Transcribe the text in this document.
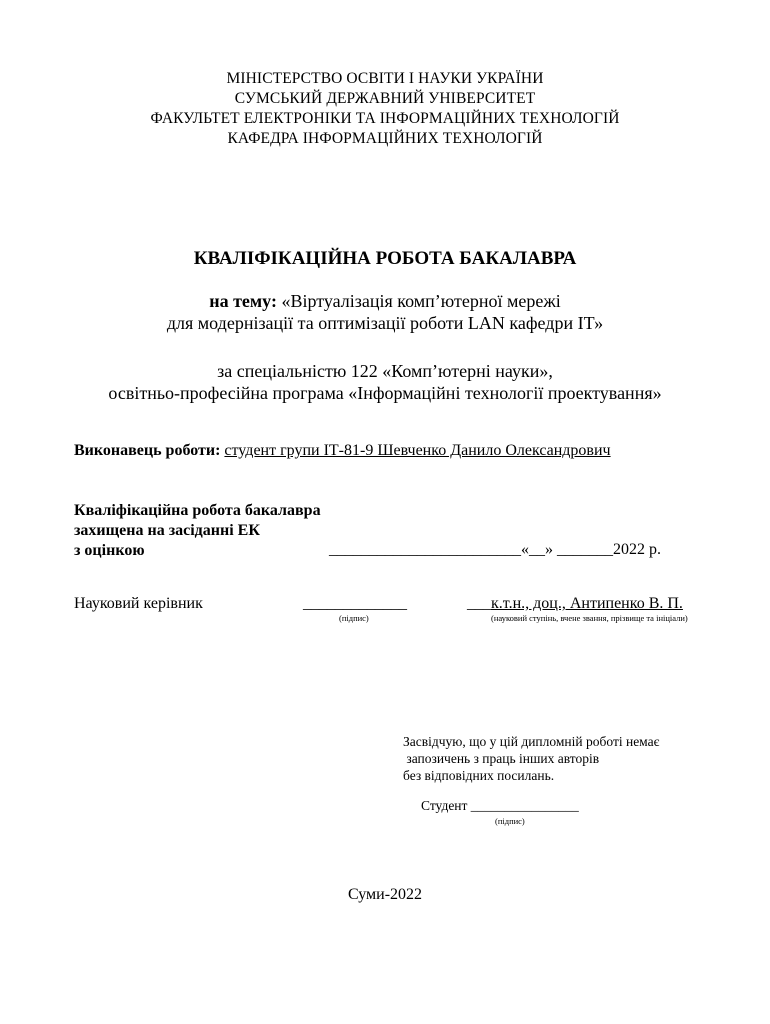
МІНІСТЕРСТВО ОСВІТИ І НАУКИ УКРАЇНИ
СУМСЬКИЙ ДЕРЖАВНИЙ УНІВЕРСИТЕТ
ФАКУЛЬТЕТ ЕЛЕКТРОНІКИ ТА ІНФОРМАЦІЙНИХ ТЕХНОЛОГІЙ
КАФЕДРА ІНФОРМАЦІЙНИХ ТЕХНОЛОГІЙ
КВАЛІФІКАЦІЙНА РОБОТА БАКАЛАВРА
на тему: «Віртуалізація комп’ютерної мережі
для модернізації та оптимізації роботи LAN кафедри ІТ»
за спеціальністю 122 «Комп’ютерні науки»,
освітньо-професійна програма «Інформаційні технології проектування»
Виконавець роботи: студент групи ІТ-81-9 Шевченко Данило Олександрович
Кваліфікаційна робота бакалавра
захищена на засіданні ЕК
з оцінкою	________________________«__» _______2022 р.
Науковий керівник	_____________	___к.т.н., доц., Антипенко В. П.
(підпис)	(науковий ступінь, вчене звання, прізвище та ініціали)
Засвідчую, що у цій дипломній роботі немає
запозичень з праць інших авторів
без відповідних посилань.
Студент ________________
(підпис)
Суми-2022
